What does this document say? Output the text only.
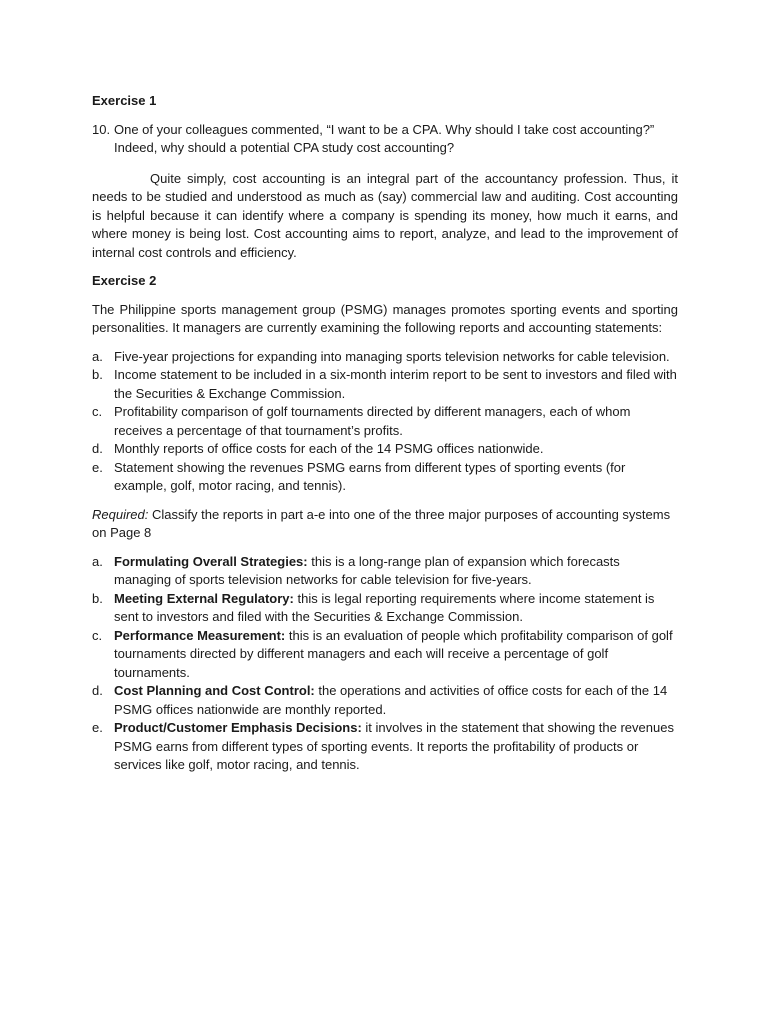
Exercise 1
10. One of your colleagues commented, “I want to be a CPA. Why should I take cost accounting?”
Indeed, why should a potential CPA study cost accounting?

Quite simply, cost accounting is an integral part of the accountancy profession. Thus, it needs to be studied and understood as much as (say) commercial law and auditing. Cost accounting is helpful because it can identify where a company is spending its money, how much it earns, and where money is being lost. Cost accounting aims to report, analyze, and lead to the improvement of internal cost controls and efficiency.

Exercise 2

The Philippine sports management group (PSMG) manages promotes sporting events and sporting personalities. It managers are currently examining the following reports and accounting statements:

a. Five-year projections for expanding into managing sports television networks for cable television.
b. Income statement to be included in a six-month interim report to be sent to investors and filed with the Securities & Exchange Commission.
c. Profitability comparison of golf tournaments directed by different managers, each of whom receives a percentage of that tournament’s profits.
d. Monthly reports of office costs for each of the 14 PSMG offices nationwide.
e. Statement showing the revenues PSMG earns from different types of sporting events (for example, golf, motor racing, and tennis).

Required: Classify the reports in part a-e into one of the three major purposes of accounting systems on Page 8

a. Formulating Overall Strategies: this is a long-range plan of expansion which forecasts managing of sports television networks for cable television for five-years.
b. Meeting External Regulatory: this is legal reporting requirements where income statement is sent to investors and filed with the Securities & Exchange Commission.
c. Performance Measurement: this is an evaluation of people which profitability comparison of golf tournaments directed by different managers and each will receive a percentage of golf tournaments.
d. Cost Planning and Cost Control: the operations and activities of office costs for each of the 14 PSMG offices nationwide are monthly reported.
e. Product/Customer Emphasis Decisions: it involves in the statement that showing the revenues PSMG earns from different types of sporting events. It reports the profitability of products or services like golf, motor racing, and tennis.
